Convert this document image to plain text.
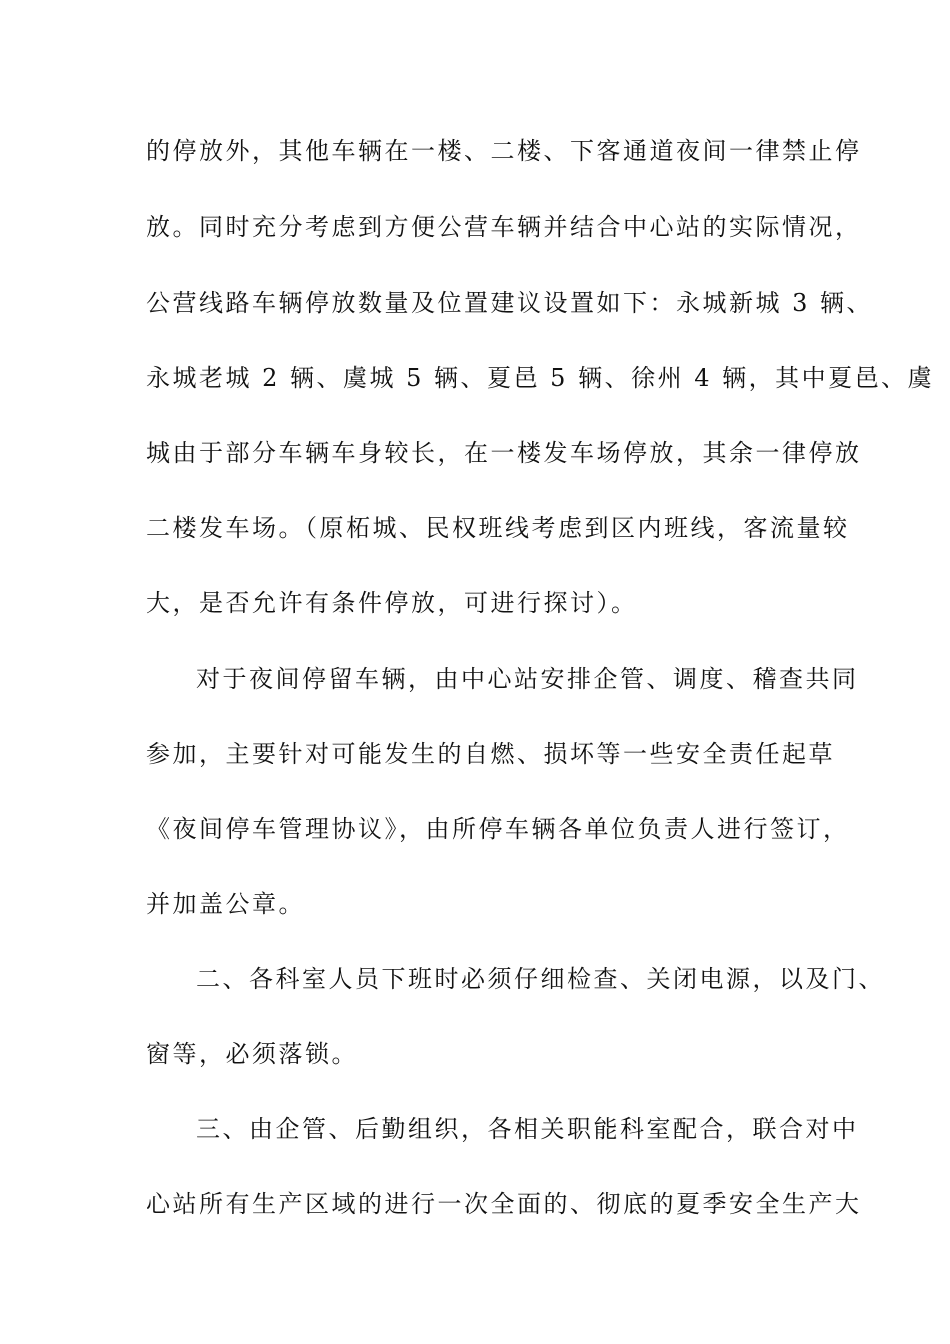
的停放外，其他车辆在一楼、二楼、下客通道夜间一律禁止停

放。同时充分考虑到方便公营车辆并结合中心站的实际情况，

公营线路车辆停放数量及位置建议设置如下：永城新城 3 辆、

永城老城 2 辆、虞城 5 辆、夏邑 5 辆、徐州 4 辆，其中夏邑、虞

城由于部分车辆车身较长，在一楼发车场停放，其余一律停放

二楼发车场。（原柘城、民权班线考虑到区内班线，客流量较

大，是否允许有条件停放，可进行探讨）。

对于夜间停留车辆，由中心站安排企管、调度、稽查共同

参加，主要针对可能发生的自燃、损坏等一些安全责任起草

《夜间停车管理协议》，由所停车辆各单位负责人进行签订，

并加盖公章。

二、各科室人员下班时必须仔细检查、关闭电源，以及门、

窗等，必须落锁。

三、由企管、后勤组织，各相关职能科室配合，联合对中

心站所有生产区域的进行一次全面的、彻底的夏季安全生产大
